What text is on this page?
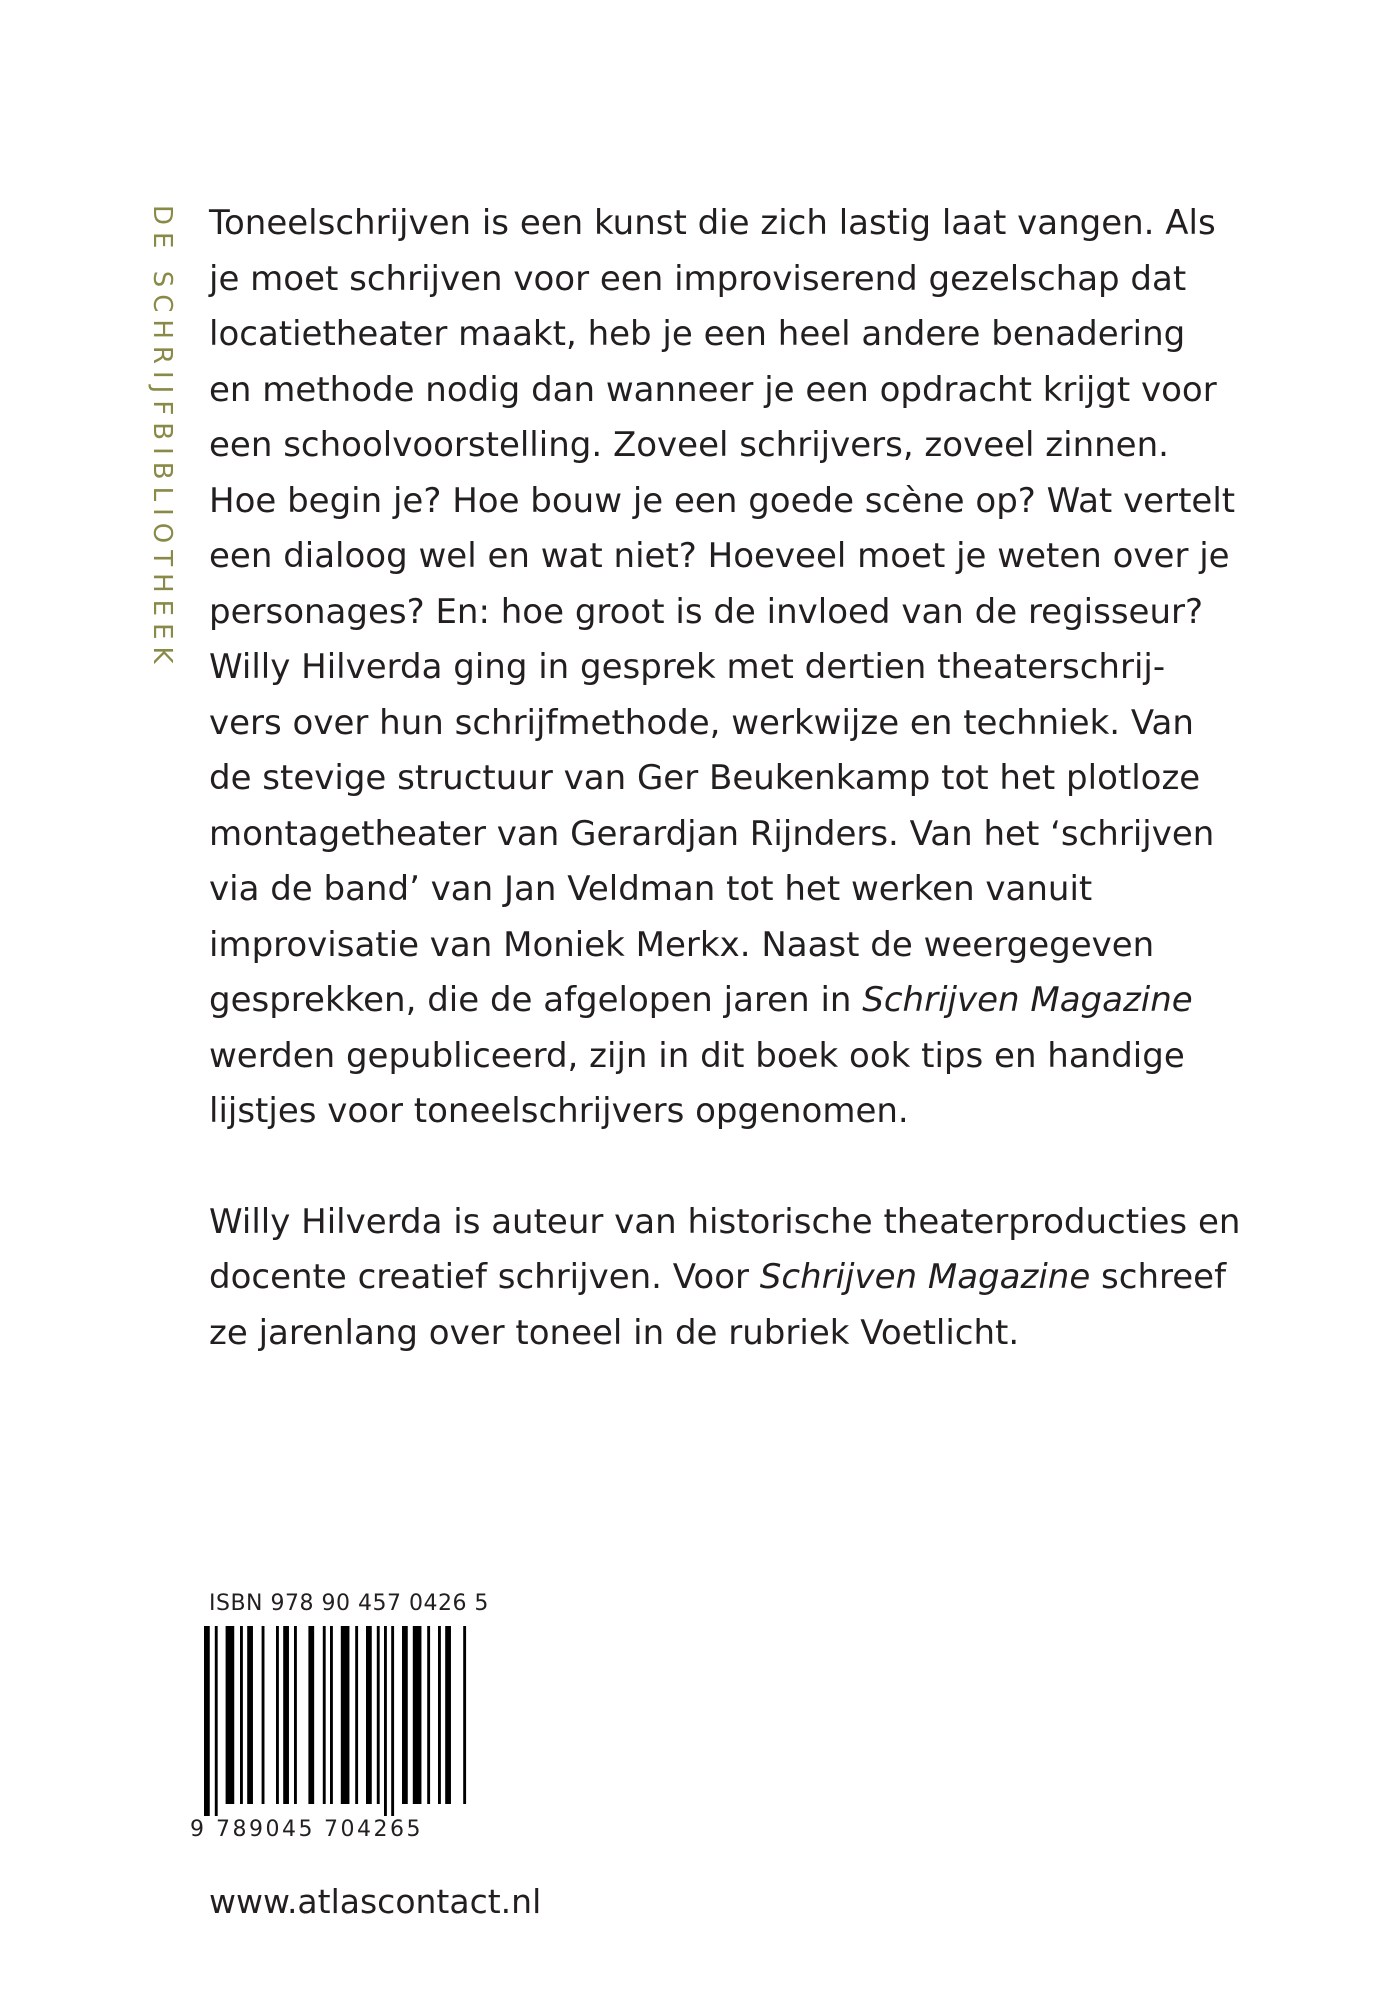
DE SCHRIJFBIBLIOTHEEK Toneelschrijven is een kunst die zich lastig laat vangen. Als
je moet schrijven voor een improviserend gezelschap dat
locatietheater maakt, heb je een heel andere benadering
en methode nodig dan wanneer je een opdracht krijgt voor
een schoolvoorstelling. Zoveel schrijvers, zoveel zinnen.
Hoe begin je? Hoe bouw je een goede scène op? Wat vertelt
een dialoog wel en wat niet? Hoeveel moet je weten over je
personages? En: hoe groot is de invloed van de regisseur?
Willy Hilverda ging in gesprek met dertien theaterschrij-
vers over hun schrijfmethode, werkwijze en techniek. Van
de stevige structuur van Ger Beukenkamp tot het plotloze
montagetheater van Gerardjan Rijnders. Van het ‘schrijven
via de band’ van Jan Veldman tot het werken vanuit
improvisatie van Moniek Merkx. Naast de weergegeven
gesprekken, die de afgelopen jaren in Schrijven Magazine
werden gepubliceerd, zijn in dit boek ook tips en handige
lijstjes voor toneelschrijvers opgenomen.

Willy Hilverda is auteur van historische theaterproducties en
docente creatief schrijven. Voor Schrijven Magazine schreef
ze jarenlang over toneel in de rubriek Voetlicht.

ISBN 978 90 457 0426 5
9 789045 704265
www.atlascontact.nl
